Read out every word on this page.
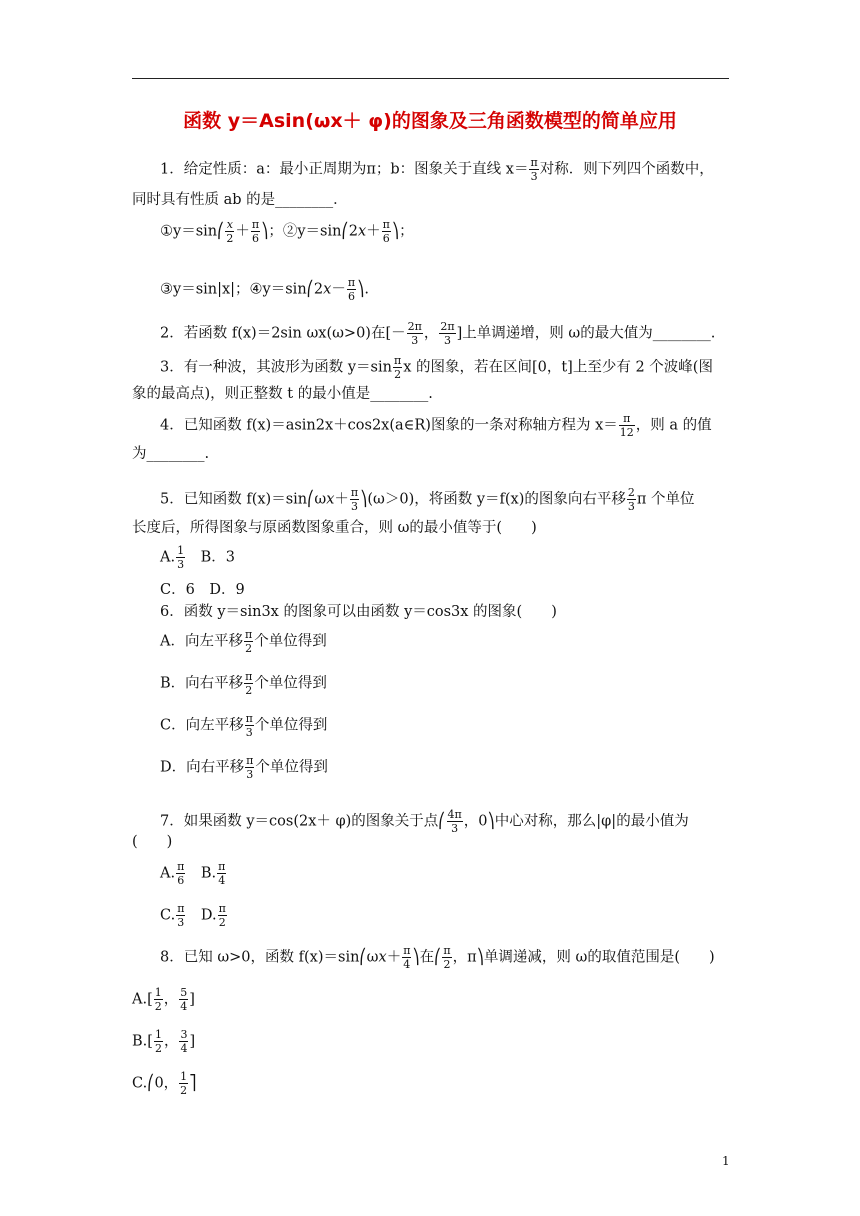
函数 y＝Asin(ωx＋ φ)的图象及三角函数模型的简单应用
1．给定性质：a：最小正周期为π；b：图象关于直线 $x= \frac{\pi}{3}$ 对称．则下列四个函数中，
同时具有性质 ab 的是________．
①y＝sin⎛ $\frac{x}{2} + \frac{\pi}{6}$ ⎞；②y＝sin⎛2x＋ $\frac{\pi}{6}$ ⎞；
③y＝sin|x|；④y＝sin⎛2x－ $\frac{\pi}{6}$ ⎞.
2．若函数 f(x)＝2sin ωx(ω>0)在[－ $\frac{2\pi}{3}$ ， $\frac{2\pi}{3}$ ]上单调递增，则 ω的最大值为________.
3．有一种波，其波形为函数 $y=\sin \frac{\pi}{2}$ x 的图象，若在区间[0，t]上至少有 2 个波峰(图
象的最高点)，则正整数 t 的最小值是________.
4．已知函数 f(x)＝asin2x＋cos2x(a∈R)图象的一条对称轴方程为 $x= \frac{\pi}{12}$ ，则 a 的值
为________.
5．已知函数 f(x)＝sin⎛ωx＋ $\frac{\pi}{3}$ ⎞(ω＞0)，将函数 y＝f(x)的图象向右平移 $\frac{2}{3}$ π 个单位
长度后，所得图象与原函数图象重合，则 ω的最小值等于(　　)
A. $\frac{1}{3}$
　 B．3
C．6　D．9
6．函数 y＝sin3x 的图象可以由函数 y＝cos3x 的图象(　　)
A．向左平移 $\frac{\pi}{2}$ 个单位得到
B．向右平移 $\frac{\pi}{2}$ 个单位得到
C．向左平移 $\frac{\pi}{3}$ 个单位得到
D．向右平移 $\frac{\pi}{3}$ 个单位得到
7．如果函数 y＝cos(2x＋ φ)的图象关于点⎛ $\frac{4\pi}{3}$ ，0⎞中心对称，那么|φ|的最小值为
(　　)
A. $\frac{\pi}{6}$
　 B. $\frac{\pi}{4}$
C. $\frac{\pi}{3}$
　 D. $\frac{\pi}{2}$
8．已知 ω>0，函数 f(x)＝sin⎛ωx＋ $\frac{\pi}{4}$ ⎞在⎛ $\frac{\pi}{2}$ ，π⎞单调递减，则 ω的取值范围是(　　)
$A.[ \frac{1}{2}$ ， $\frac{5}{4}$ ]
$B.[ \frac{1}{2}$ ， $\frac{3}{4}$ ]
C.⎛0， $\frac{1}{2}$ ⎤
1
